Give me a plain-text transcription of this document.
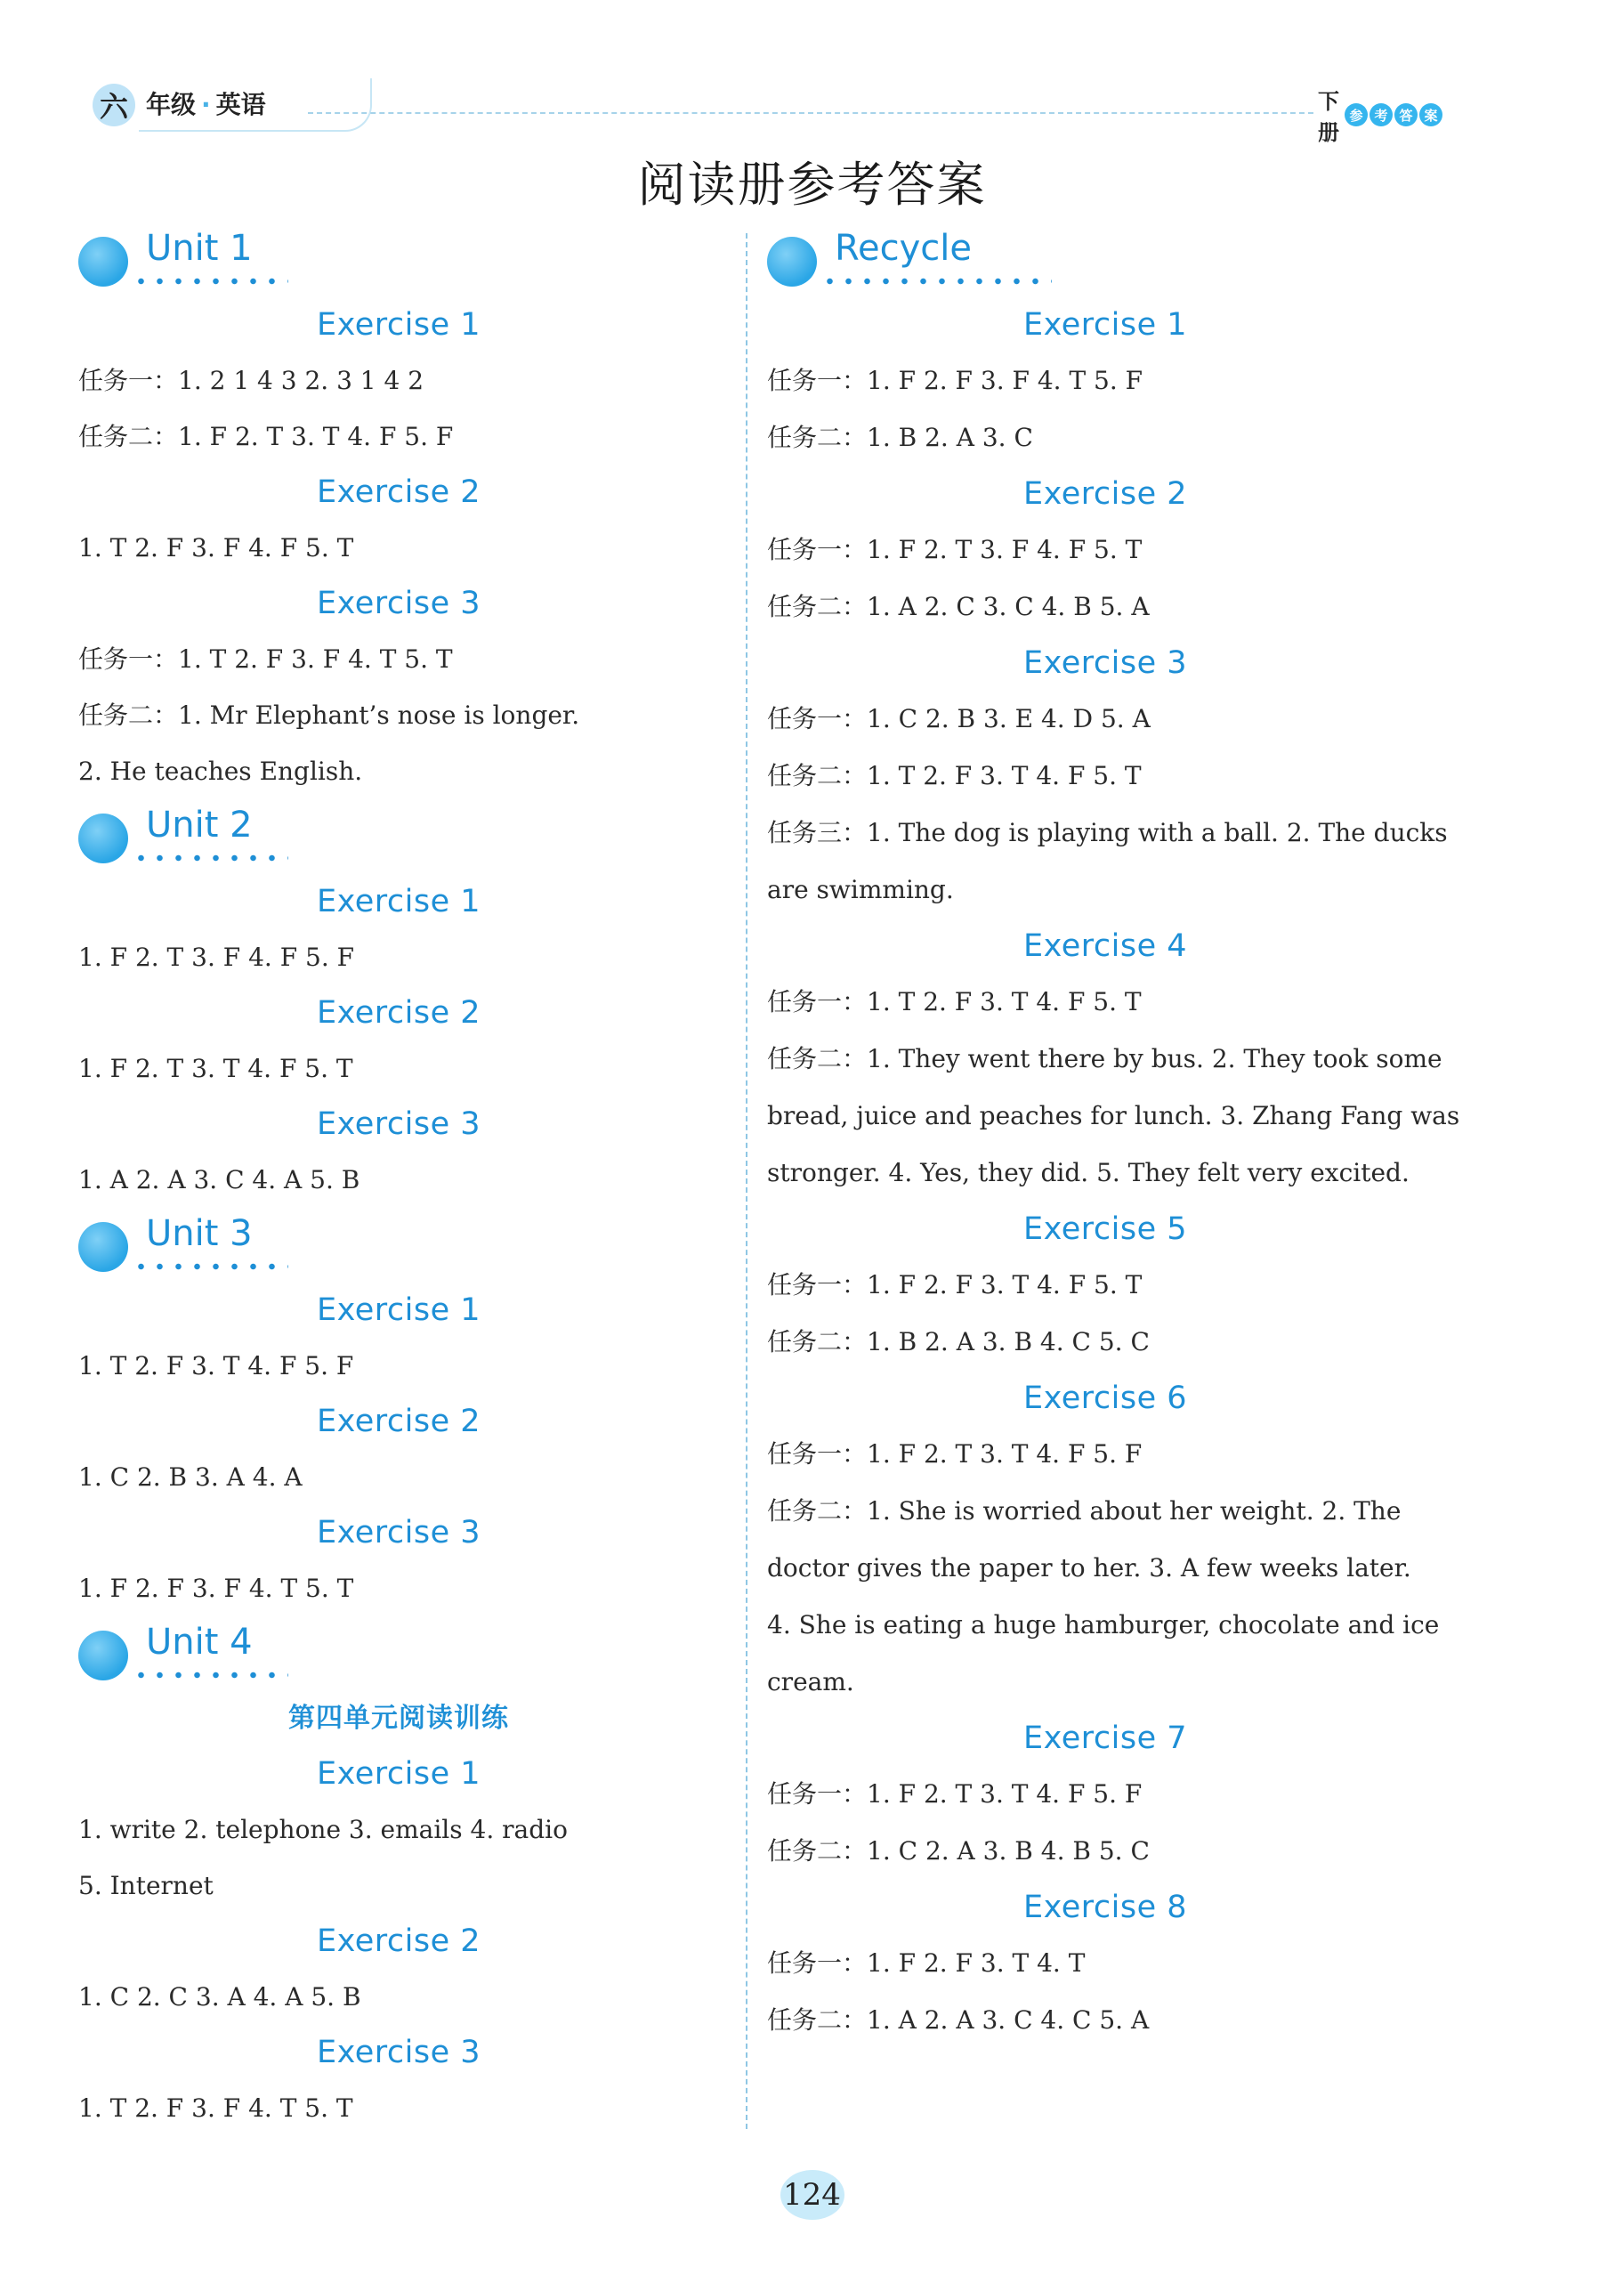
六 年级 · 英语	下册
参 考 答 案
阅读册参考答案
Unit 1
Exercise 1
任务一：1. 2 1 4 3 2. 3 1 4 2
任务二：1. F 2. T 3. T 4. F 5. F
Exercise 2
1. T 2. F 3. F 4. F 5. T
Exercise 3
任务一：1. T 2. F 3. F 4. T 5. T
任务二：1. Mr Elephant’s nose is longer.
2. He teaches English.
Unit 2
Exercise 1
1. F 2. T 3. F 4. F 5. F
Exercise 2
1. F 2. T 3. T 4. F 5. T
Exercise 3
1. A 2. A 3. C 4. A 5. B
Unit 3
Exercise 1
1. T 2. F 3. T 4. F 5. F
Exercise 2
1. C 2. B 3. A 4. A
Exercise 3
1. F 2. F 3. F 4. T 5. T
Unit 4
第四单元阅读训练
Exercise 1
1. write 2. telephone 3. emails 4. radio
5. Internet
Exercise 2
1. C 2. C 3. A 4. A 5. B
Exercise 3
1. T 2. F 3. F 4. T 5. T
Recycle
Exercise 1
任务一：1. F 2. F 3. F 4. T 5. F
任务二：1. B 2. A 3. C
Exercise 2
任务一：1. F 2. T 3. F 4. F 5. T
任务二：1. A 2. C 3. C 4. B 5. A
Exercise 3
任务一：1. C 2. B 3. E 4. D 5. A
任务二：1. T 2. F 3. T 4. F 5. T
任务三：1. The dog is playing with a ball. 2. The ducks
are swimming.
Exercise 4
任务一：1. T 2. F 3. T 4. F 5. T
任务二：1. They went there by bus. 2. They took some
bread, juice and peaches for lunch. 3. Zhang Fang was
stronger. 4. Yes, they did. 5. They felt very excited.
Exercise 5
任务一：1. F 2. F 3. T 4. F 5. T
任务二：1. B 2. A 3. B 4. C 5. C
Exercise 6
任务一：1. F 2. T 3. T 4. F 5. F
任务二：1. She is worried about her weight. 2. The
doctor gives the paper to her. 3. A few weeks later.
4. She is eating a huge hamburger, chocolate and ice
cream.
Exercise 7
任务一：1. F 2. T 3. T 4. F 5. F
任务二：1. C 2. A 3. B 4. B 5. C
Exercise 8
任务一：1. F 2. F 3. T 4. T
任务二：1. A 2. A 3. C 4. C 5. A
124
